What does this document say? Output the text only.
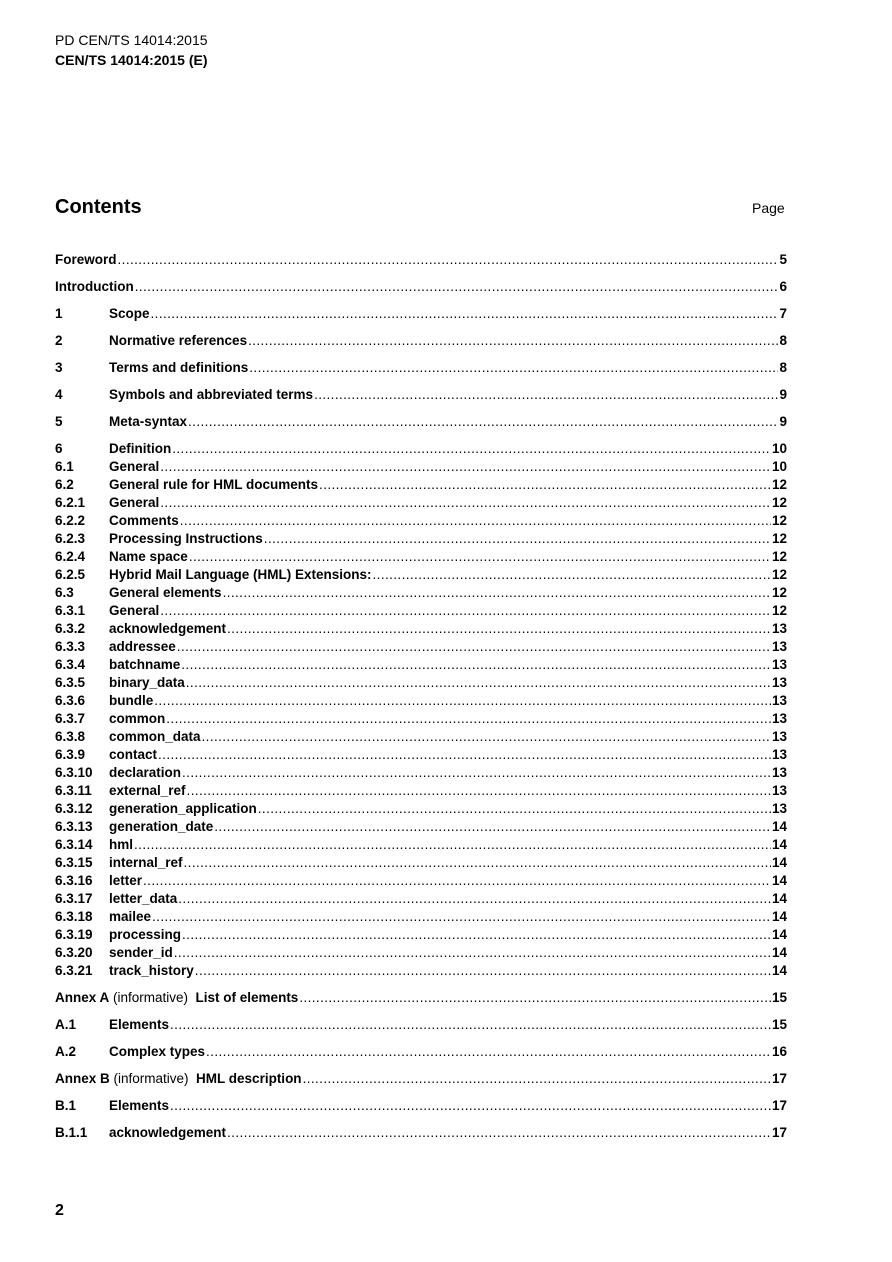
PD CEN/TS 14014:2015
CEN/TS 14014:2015 (E)
Contents	Page
Foreword .....	5
Introduction .....	6
1	Scope .....	7
2	Normative references .....	8
3	Terms and definitions .....	8
4	Symbols and abbreviated terms .....	9
5	Meta-syntax .....	9
6	Definition .....	10
6.1	General .....	10
6.2	General rule for HML documents .....	12
6.2.1	General .....	12
6.2.2	Comments .....	12
6.2.3	Processing Instructions .....	12
6.2.4	Name space .....	12
6.2.5	Hybrid Mail Language (HML) Extensions: .....	12
6.3	General elements .....	12
6.3.1	General .....	12
6.3.2	acknowledgement .....	13
6.3.3	addressee .....	13
6.3.4	batchname .....	13
6.3.5	binary_data .....	13
6.3.6	bundle .....	13
6.3.7	common .....	13
6.3.8	common_data .....	13
6.3.9	contact .....	13
6.3.10	declaration .....	13
6.3.11	external_ref .....	13
6.3.12	generation_application .....	13
6.3.13	generation_date .....	14
6.3.14	hml .....	14
6.3.15	internal_ref .....	14
6.3.16	letter .....	14
6.3.17	letter_data .....	14
6.3.18	mailee .....	14
6.3.19	processing .....	14
6.3.20	sender_id .....	14
6.3.21	track_history .....	14
Annex A (informative)  List of elements .....	15
A.1	Elements .....	15
A.2	Complex types .....	16
Annex B (informative)  HML description .....	17
B.1	Elements .....	17
B.1.1	acknowledgement .....	17
2
